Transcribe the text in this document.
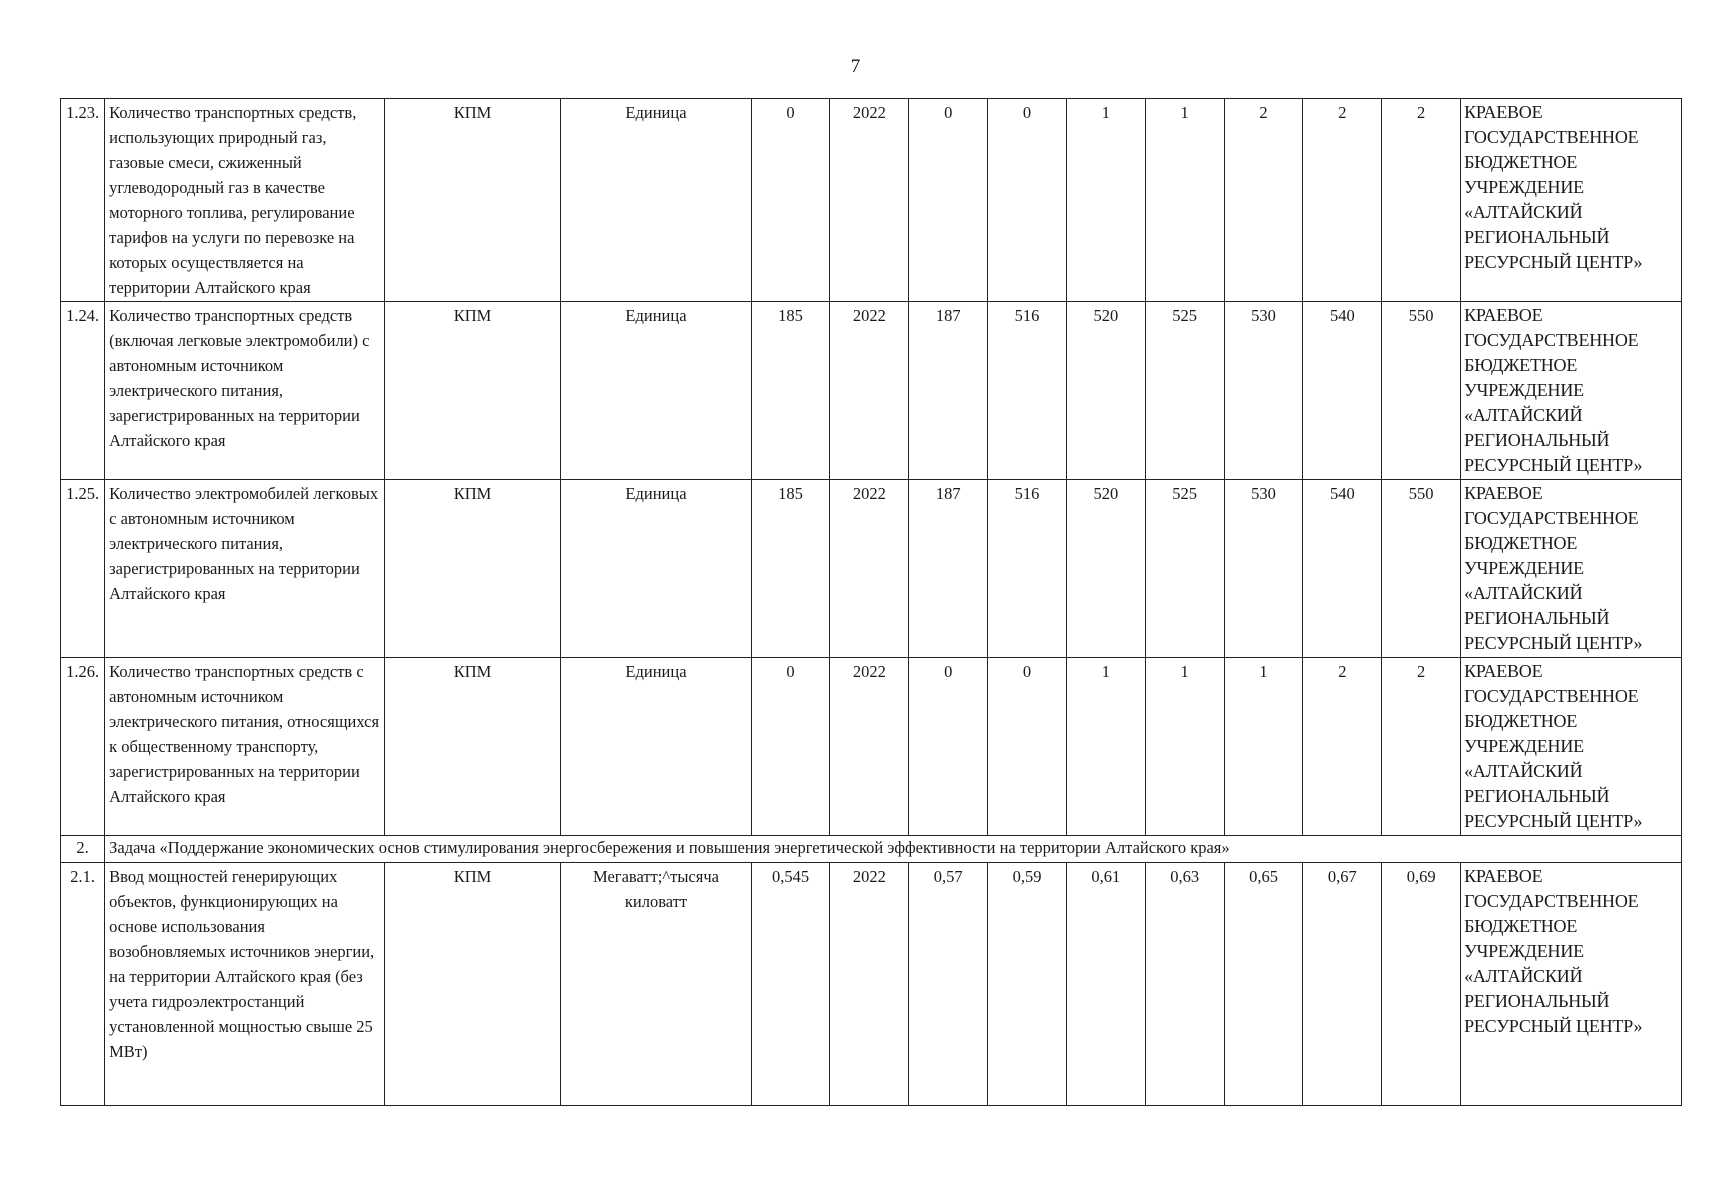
7
1.23.	Количество транспортных средств, использующих природный газ, газовые смеси, сжиженный углеводородный газ в качестве моторного топлива, регулирование тарифов на услуги по перевозке на которых осуществляется на территории Алтайского края	КПМ	Единица	0	2022	0	0	1	1	2	2	2	КРАЕВОЕ ГОСУДАРСТВЕННОЕ БЮДЖЕТНОЕ УЧРЕЖДЕНИЕ «АЛТАЙСКИЙ РЕГИОНАЛЬНЫЙ РЕСУРСНЫЙ ЦЕНТР»
1.24.	Количество транспортных средств (включая легковые электромобили) с автономным источником электрического питания, зарегистрированных на территории Алтайского края	КПМ	Единица	185	2022	187	516	520	525	530	540	550	КРАЕВОЕ ГОСУДАРСТВЕННОЕ БЮДЖЕТНОЕ УЧРЕЖДЕНИЕ «АЛТАЙСКИЙ РЕГИОНАЛЬНЫЙ РЕСУРСНЫЙ ЦЕНТР»
1.25.	Количество электромобилей легковых с автономным источником электрического питания, зарегистрированных на территории Алтайского края	КПМ	Единица	185	2022	187	516	520	525	530	540	550	КРАЕВОЕ ГОСУДАРСТВЕННОЕ БЮДЖЕТНОЕ УЧРЕЖДЕНИЕ «АЛТАЙСКИЙ РЕГИОНАЛЬНЫЙ РЕСУРСНЫЙ ЦЕНТР»
1.26.	Количество транспортных средств с автономным источником электрического питания, относящихся к общественному транспорту, зарегистрированных на территории Алтайского края	КПМ	Единица	0	2022	0	0	1	1	1	2	2	КРАЕВОЕ ГОСУДАРСТВЕННОЕ БЮДЖЕТНОЕ УЧРЕЖДЕНИЕ «АЛТАЙСКИЙ РЕГИОНАЛЬНЫЙ РЕСУРСНЫЙ ЦЕНТР»
2.	Задача «Поддержание экономических основ стимулирования энергосбережения и повышения энергетической эффективности на территории Алтайского края»												
2.1.	Ввод мощностей генерирующих объектов, функционирующих на основе использования возобновляемых источников энергии, на территории Алтайского края (без учета гидроэлектростанций установленной мощностью свыше 25 МВт)	КПМ	Мегаватт;^тысяча киловатт	0,545	2022	0,57	0,59	0,61	0,63	0,65	0,67	0,69	КРАЕВОЕ ГОСУДАРСТВЕННОЕ БЮДЖЕТНОЕ УЧРЕЖДЕНИЕ «АЛТАЙСКИЙ РЕГИОНАЛЬНЫЙ РЕСУРСНЫЙ ЦЕНТР»
